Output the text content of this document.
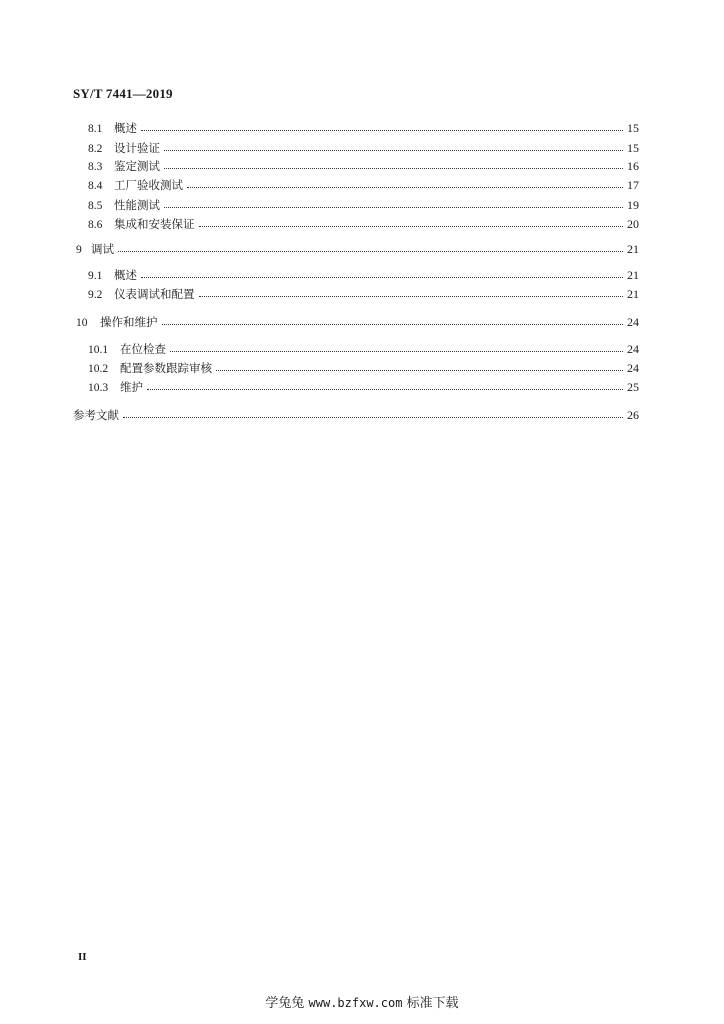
SY/T 7441—2019
8.1	概述	15
8.2	设计验证	15
8.3	鉴定测试	16
8.4	工厂验收测试	17
8.5	性能测试	19
8.6	集成和安装保证	20
9 调试	21
9.1	概述	21
9.2	仪表调试和配置	21
10	操作和维护	24
10.1	在位检查	24
10.2	配置参数跟踪审核	24
10.3	维护	25
参考文献	26
II
学兔兔 www.bzfxw.com 标准下载
